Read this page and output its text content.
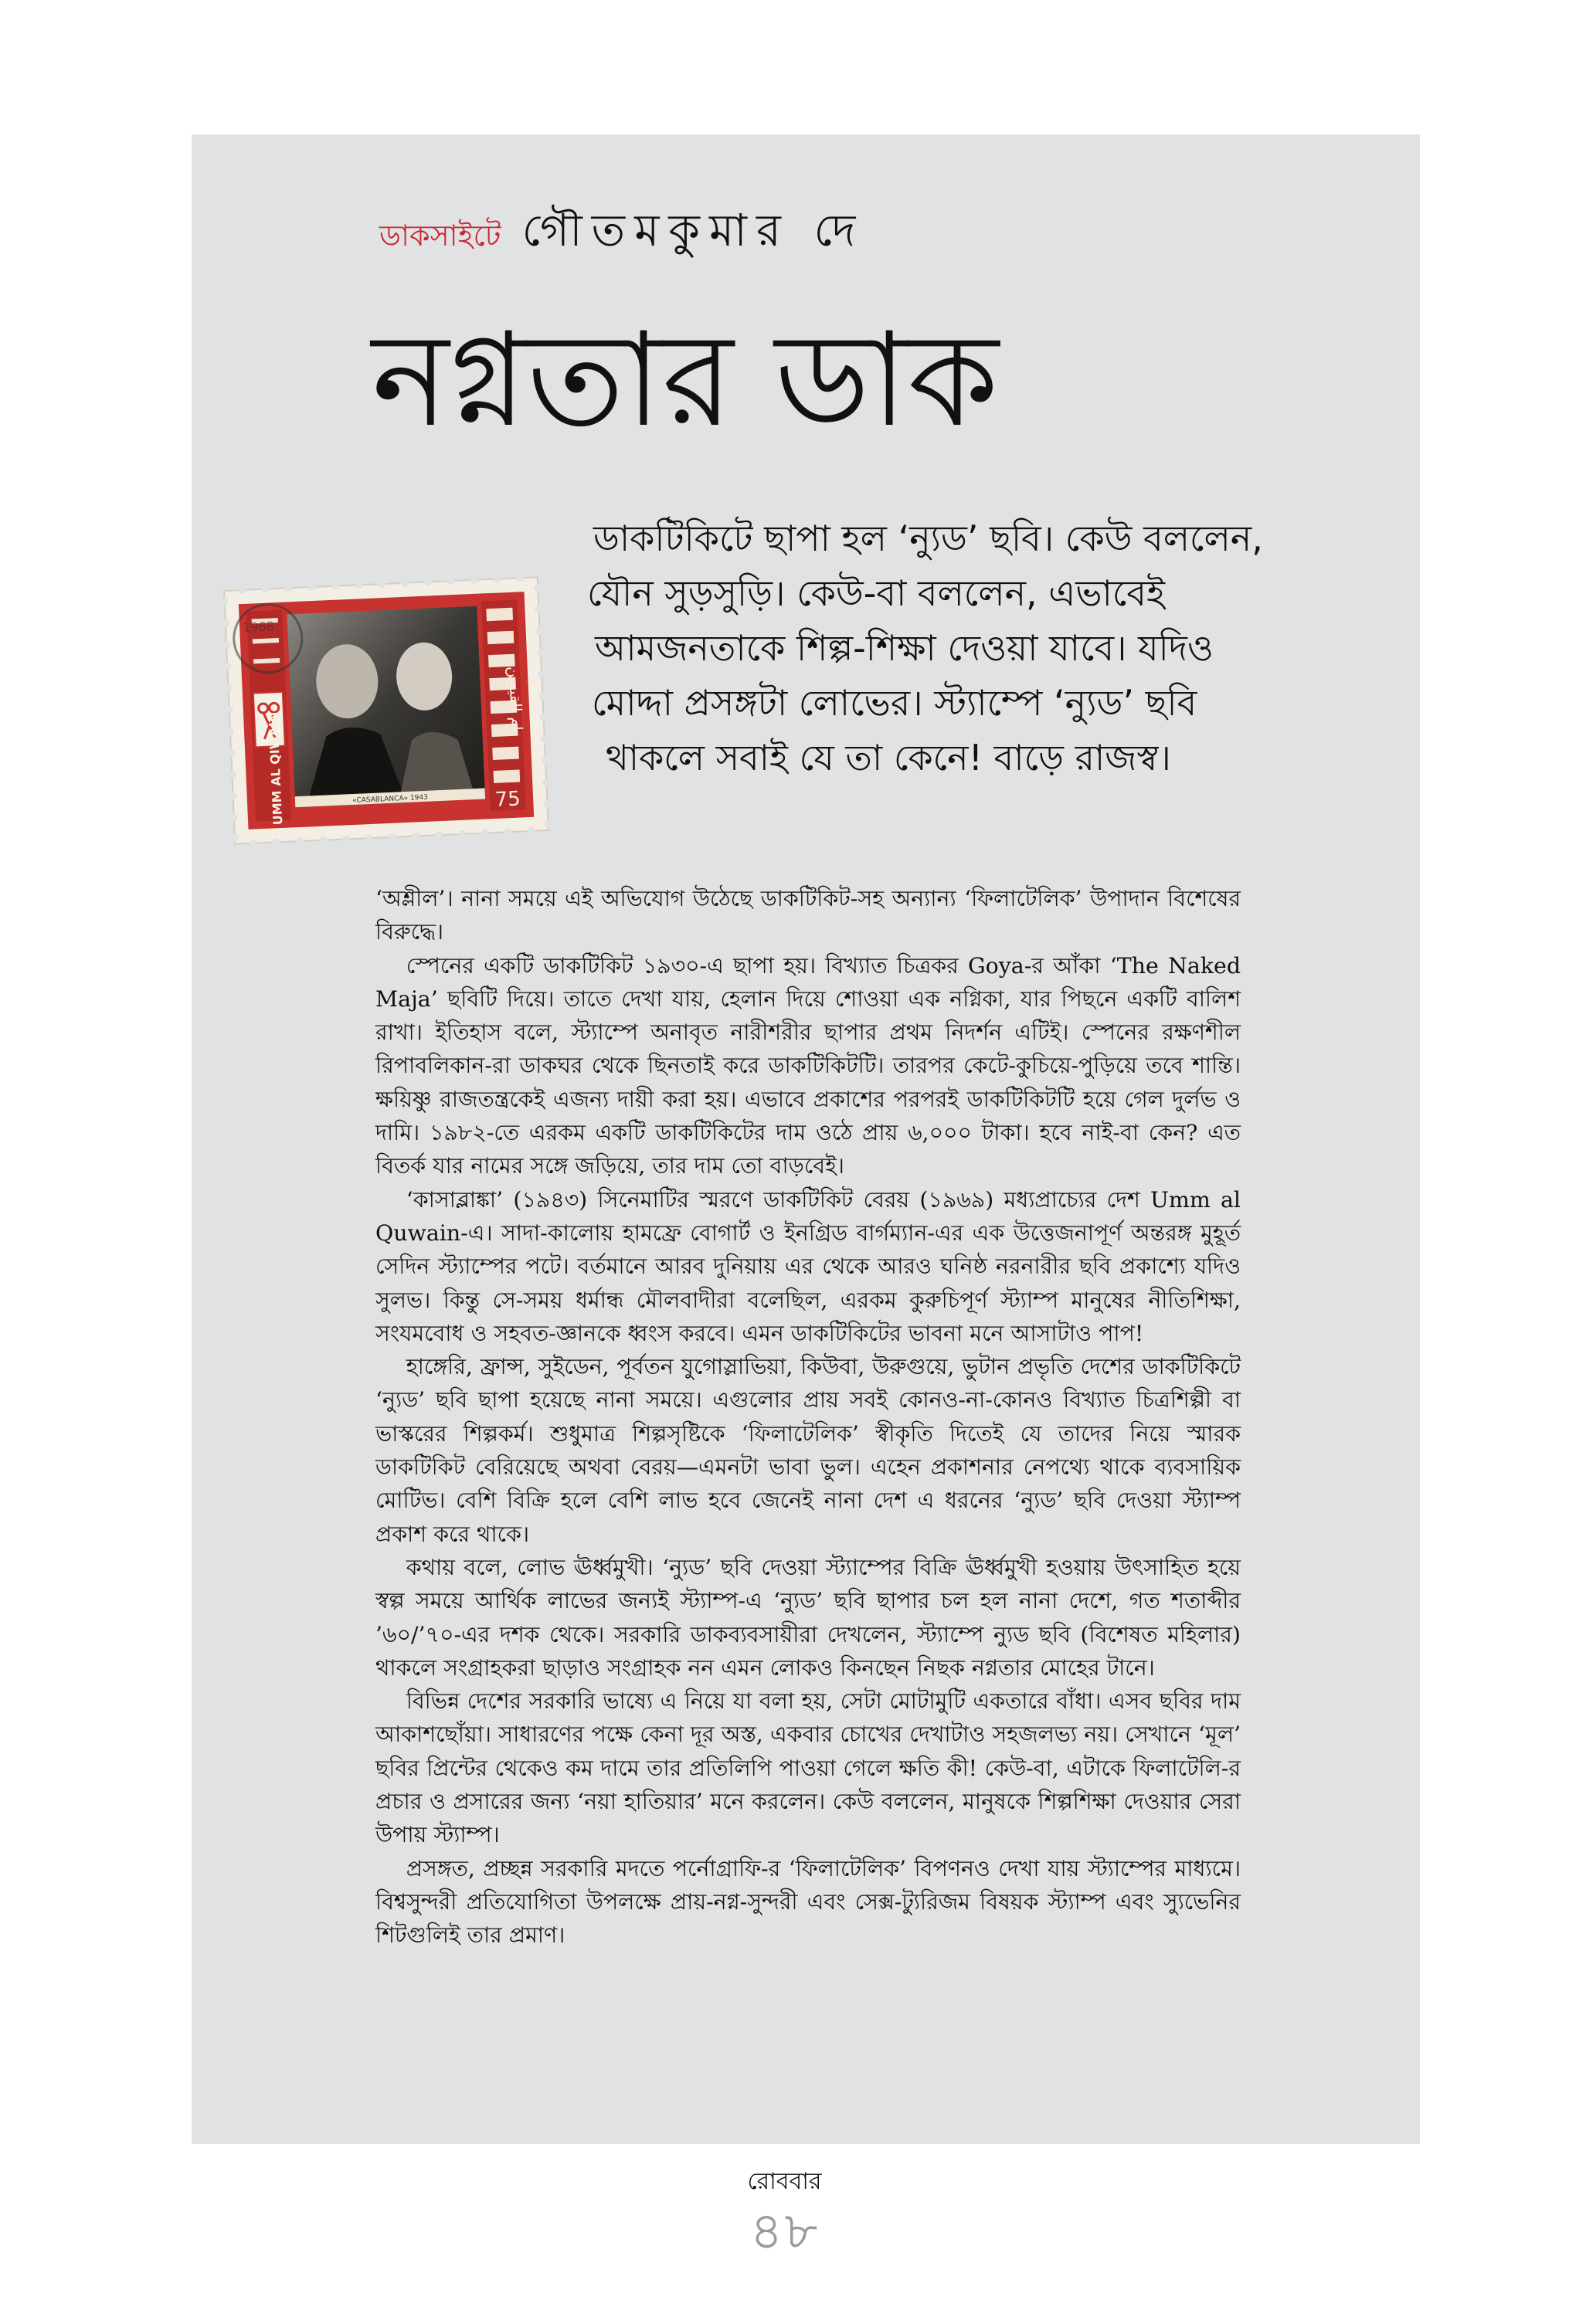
ডাকসাইটে গৌতমকুমার দে
নগ্নতার ডাক
«CASABLANCA» 1943
UMM AL QIWAIN	75
ام القيوين
1968
ডাকটিকিটে ছাপা হল ‘ন্যুড’ ছবি। কেউ বললেন,
যৌন সুড়সুড়ি। কেউ-বা বললেন, এভাবেই
আমজনতাকে শিল্প-শিক্ষা দেওয়া যাবে। যদিও
মোদ্দা প্রসঙ্গটা লোভের। স্ট্যাম্পে ‘ন্যুড’ ছবি
থাকলে সবাই যে তা কেনে! বাড়ে রাজস্ব।

‘অশ্লীল’। নানা সময়ে এই অভিযোগ উঠেছে ডাকটিকিট-সহ অন্যান্য ‘ফিলাটেলিক’ উপাদান বিশেষের বিরুদ্ধে।

স্পেনের একটি ডাকটিকিট ১৯৩০-এ ছাপা হয়। বিখ্যাত চিত্রকর Goya-র আঁকা ‘The Naked Maja’ ছবিটি দিয়ে। তাতে দেখা যায়, হেলান দিয়ে শোওয়া এক নগ্নিকা, যার পিছনে একটি বালিশ রাখা। ইতিহাস বলে, স্ট্যাম্পে অনাবৃত নারীশরীর ছাপার প্রথম নিদর্শন এটিই। স্পেনের রক্ষণশীল রিপাবলিকান-রা ডাকঘর থেকে ছিনতাই করে ডাকটিকিটটি। তারপর কেটে-কুচিয়ে-পুড়িয়ে তবে শান্তি। ক্ষয়িষ্ণু রাজতন্ত্রকেই এজন্য দায়ী করা হয়। এভাবে প্রকাশের পরপরই ডাকটিকিটটি হয়ে গেল দুর্লভ ও দামি। ১৯৮২-তে এরকম একটি ডাকটিকিটের দাম ওঠে প্রায় ৬,০০০ টাকা। হবে নাই-বা কেন? এত বিতর্ক যার নামের সঙ্গে জড়িয়ে, তার দাম তো বাড়বেই।

‘কাসাব্লাঙ্কা’ (১৯৪৩) সিনেমাটির স্মরণে ডাকটিকিট বেরয় (১৯৬৯) মধ্যপ্রাচ্যের দেশ Umm al Quwain-এ। সাদা-কালোয় হামফ্রে বোগার্ট ও ইনগ্রিড বার্গম্যান-এর এক উত্তেজনাপূর্ণ অন্তরঙ্গ মুহূর্ত সেদিন স্ট্যাম্পের পটে। বর্তমানে আরব দুনিয়ায় এর থেকে আরও ঘনিষ্ঠ নরনারীর ছবি প্রকাশ্যে যদিও সুলভ। কিন্তু সে-সময় ধর্মান্ধ মৌলবাদীরা বলেছিল, এরকম কুরুচিপূর্ণ স্ট্যাম্প মানুষের নীতিশিক্ষা, সংযমবোধ ও সহবত-জ্ঞানকে ধ্বংস করবে। এমন ডাকটিকিটের ভাবনা মনে আসাটাও পাপ!

হাঙ্গেরি, ফ্রান্স, সুইডেন, পূর্বতন যুগোস্লাভিয়া, কিউবা, উরুগুয়ে, ভুটান প্রভৃতি দেশের ডাকটিকিটে ‘ন্যুড’ ছবি ছাপা হয়েছে নানা সময়ে। এগুলোর প্রায় সবই কোনও-না-কোনও বিখ্যাত চিত্রশিল্পী বা ভাস্করের শিল্পকর্ম। শুধুমাত্র শিল্পসৃষ্টিকে ‘ফিলাটেলিক’ স্বীকৃতি দিতেই যে তাদের নিয়ে স্মারক ডাকটিকিট বেরিয়েছে অথবা বেরয়—এমনটা ভাবা ভুল। এহেন প্রকাশনার নেপথ্যে থাকে ব্যবসায়িক মোটিভ। বেশি বিক্রি হলে বেশি লাভ হবে জেনেই নানা দেশ এ ধরনের ‘ন্যুড’ ছবি দেওয়া স্ট্যাম্প প্রকাশ করে থাকে।

কথায় বলে, লোভ ঊর্ধ্বমুখী। ‘ন্যুড’ ছবি দেওয়া স্ট্যাম্পের বিক্রি ঊর্ধ্বমুখী হওয়ায় উৎসাহিত হয়ে স্বল্প সময়ে আর্থিক লাভের জন্যই স্ট্যাম্প-এ ‘ন্যুড’ ছবি ছাপার চল হল নানা দেশে, গত শতাব্দীর ’৬০/’৭০-এর দশক থেকে। সরকারি ডাকব্যবসায়ীরা দেখলেন, স্ট্যাম্পে ন্যুড ছবি (বিশেষত মহিলার) থাকলে সংগ্রাহকরা ছাড়াও সংগ্রাহক নন এমন লোকও কিনছেন নিছক নগ্নতার মোহের টানে।

বিভিন্ন দেশের সরকারি ভাষ্যে এ নিয়ে যা বলা হয়, সেটা মোটামুটি একতারে বাঁধা। এসব ছবির দাম আকাশছোঁয়া। সাধারণের পক্ষে কেনা দূর অস্ত, একবার চোখের দেখাটাও সহজলভ্য নয়। সেখানে ‘মূল’ ছবির প্রিন্টের থেকেও কম দামে তার প্রতিলিপি পাওয়া গেলে ক্ষতি কী! কেউ-বা, এটাকে ফিলাটেলি-র প্রচার ও প্রসারের জন্য ‘নয়া হাতিয়ার’ মনে করলেন। কেউ বললেন, মানুষকে শিল্পশিক্ষা দেওয়ার সেরা উপায় স্ট্যাম্প।

প্রসঙ্গত, প্রচ্ছন্ন সরকারি মদতে পর্নোগ্রাফি-র ‘ফিলাটেলিক’ বিপণনও দেখা যায় স্ট্যাম্পের মাধ্যমে। বিশ্বসুন্দরী প্রতিযোগিতা উপলক্ষে প্রায়-নগ্ন-সুন্দরী এবং সেক্স-ট্যুরিজম বিষয়ক স্ট্যাম্প এবং স্যুভেনির শিটগুলিই তার প্রমাণ।

রোববার
৪৮
